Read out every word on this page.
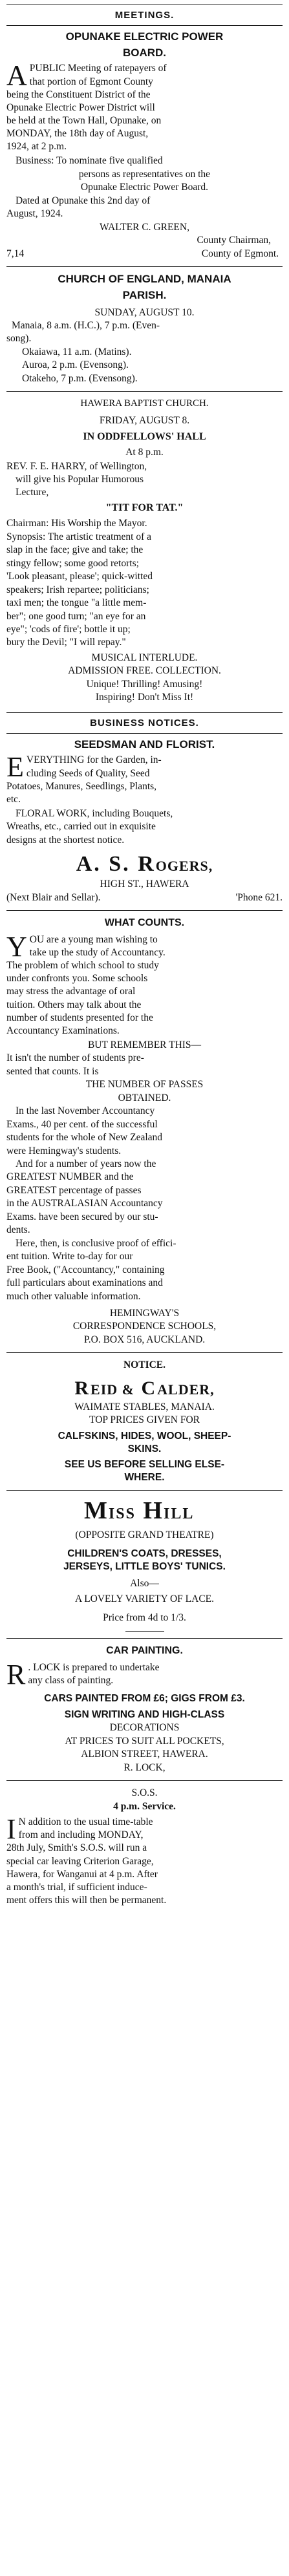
MEETINGS.
OPUNAKE ELECTRIC POWER
BOARD.
A PUBLIC Meeting of ratepayers of
that portion of Egmont County
being the Constituent District of the
Opunake Electric Power District will
be held at the Town Hall, Opunake, on
MONDAY, the 18th day of August,
1924, at 2 p.m.
Business: To nominate five qualified
persons as representatives on the
Opunake Electric Power Board.
Dated at Opunake this 2nd day of
August, 1924.
WALTER C. GREEN,
County Chairman,
7,14	County of Egmont.
CHURCH OF ENGLAND, MANAIA
PARISH.
SUNDAY, AUGUST 10.
Manaia, 8 a.m. (H.C.), 7 p.m. (Even-
song).
Okaiawa, 11 a.m. (Matins).
Auroa, 2 p.m. (Evensong).
Otakeho, 7 p.m. (Evensong).
HAWERA BAPTIST CHURCH.
FRIDAY, AUGUST 8.
IN ODDFELLOWS' HALL
At 8 p.m.
REV. F. E. HARRY, of Wellington,
will give his Popular Humorous
Lecture,
"TIT FOR TAT."
Chairman: His Worship the Mayor.
Synopsis: The artistic treatment of a
slap in the face; give and take; the
stingy fellow; some good retorts;
'Look pleasant, please'; quick-witted
speakers; Irish repartee; politicians;
taxi men; the tongue "a little mem-
ber"; one good turn; "an eye for an
eye"; 'cods of fire'; bottle it up;
bury the Devil; "I will repay."
MUSICAL INTERLUDE.
ADMISSION FREE. COLLECTION.
Unique! Thrilling! Amusing!
Inspiring! Don't Miss It!
BUSINESS NOTICES.
SEEDSMAN AND FLORIST.
E VERYTHING for the Garden, in-
cluding Seeds of Quality, Seed
Potatoes, Manures, Seedlings, Plants,
etc.
FLORAL WORK, including Bouquets,
Wreaths, etc., carried out in exquisite
designs at the shortest notice.
A. S. ROGERS,
HIGH ST., HAWERA
(Next Blair and Sellar).	'Phone 621.
WHAT COUNTS.
Y OU are a young man wishing to
take up the study of Accountancy.
The problem of which school to study
under confronts you. Some schools
may stress the advantage of oral
tuition. Others may talk about the
number of students presented for the
Accountancy Examinations.
BUT REMEMBER THIS—
It isn't the number of students pre-
sented that counts. It is
THE NUMBER OF PASSES
OBTAINED.
In the last November Accountancy
Exams., 40 per cent. of the successful
students for the whole of New Zealand
were Hemingway's students.
And for a number of years now the
GREATEST NUMBER and the
GREATEST percentage of passes
in the AUSTRALASIAN Accountancy
Exams. have been secured by our stu-
dents.
Here, then, is conclusive proof of effici-
ent tuition. Write to-day for our
Free Book, ("Accountancy," containing
full particulars about examinations and
much other valuable information.
HEMINGWAY'S
CORRESPONDENCE SCHOOLS,
P.O. BOX 516, AUCKLAND.
NOTICE.
REID & CALDER,
WAIMATE STABLES, MANAIA.
TOP PRICES GIVEN FOR
CALFSKINS, HIDES, WOOL, SHEEP-
SKINS.
SEE US BEFORE SELLING ELSE-
WHERE.
MISS HILL
(OPPOSITE GRAND THEATRE)
CHILDREN'S COATS, DRESSES,
JERSEYS, LITTLE BOYS' TUNICS.
Also—
A LOVELY VARIETY OF LACE.
Price from 4d to 1/3.
CAR PAINTING.
R . LOCK is prepared to undertake
any class of painting.
CARS PAINTED FROM £6; GIGS FROM £3.
SIGN WRITING AND HIGH-CLASS
DECORATIONS
AT PRICES TO SUIT ALL POCKETS,
ALBION STREET, HAWERA.
R. LOCK,
S.O.S.
4 p.m. Service.
I N addition to the usual time-table
from and including MONDAY,
28th July, Smith's S.O.S. will run a
special car leaving Criterion Garage,
Hawera, for Wanganui at 4 p.m. After
a month's trial, if sufficient induce-
ment offers this will then be permanent.
